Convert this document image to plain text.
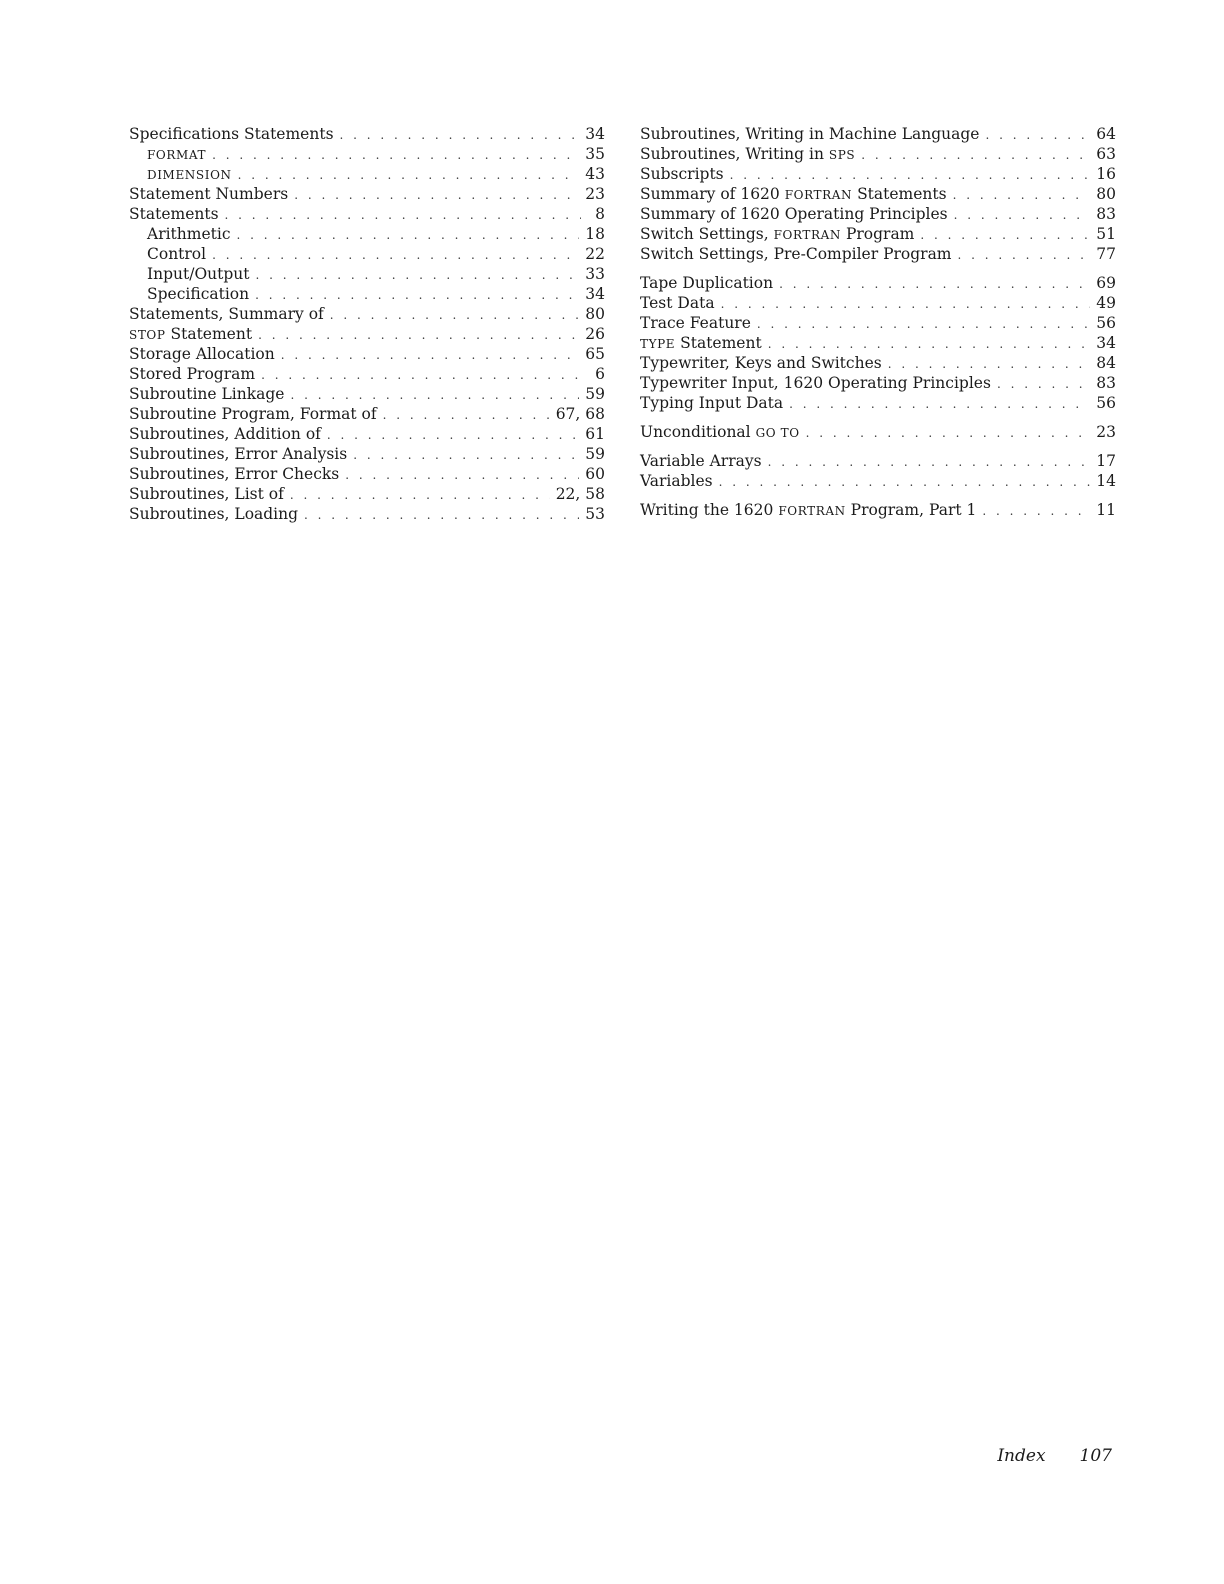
Specifications Statements . . .	34
FORMAT . . .	35
DIMENSION . . .	43
Statement Numbers . . .	23
Statements . . .	8
Arithmetic . . .	18
Control . . .	22
Input/Output . . .	33
Specification . . .	34
Statements, Summary of . . .	80
STOP Statement . . .	26
Storage Allocation . . .	65
Stored Program . . .	6
Subroutine Linkage . . .	59
Subroutine Program, Format of . . .	67, 68
Subroutines, Addition of . . .	61
Subroutines, Error Analysis . . .	59
Subroutines, Error Checks . . .	60
Subroutines, List of . . .	22, 58
Subroutines, Loading . . .	53
Subroutines, Writing in Machine Language . . .	64
Subroutines, Writing in SPS . . .	63
Subscripts . . .	16
Summary of 1620 FORTRAN Statements . . .	80
Summary of 1620 Operating Principles . . .	83
Switch Settings, FORTRAN Program . . .	51
Switch Settings, Pre-Compiler Program . . .	77
Tape Duplication . . .	69
Test Data . . .	49
Trace Feature . . .	56
TYPE Statement . . .	34
Typewriter, Keys and Switches . . .	84
Typewriter Input, 1620 Operating Principles . . .	83
Typing Input Data . . .	56
Unconditional GO TO . . .	23
Variable Arrays . . .	17
Variables . . .	14
Writing the 1620 FORTRAN Program, Part 1 . . .	11
Index 107
